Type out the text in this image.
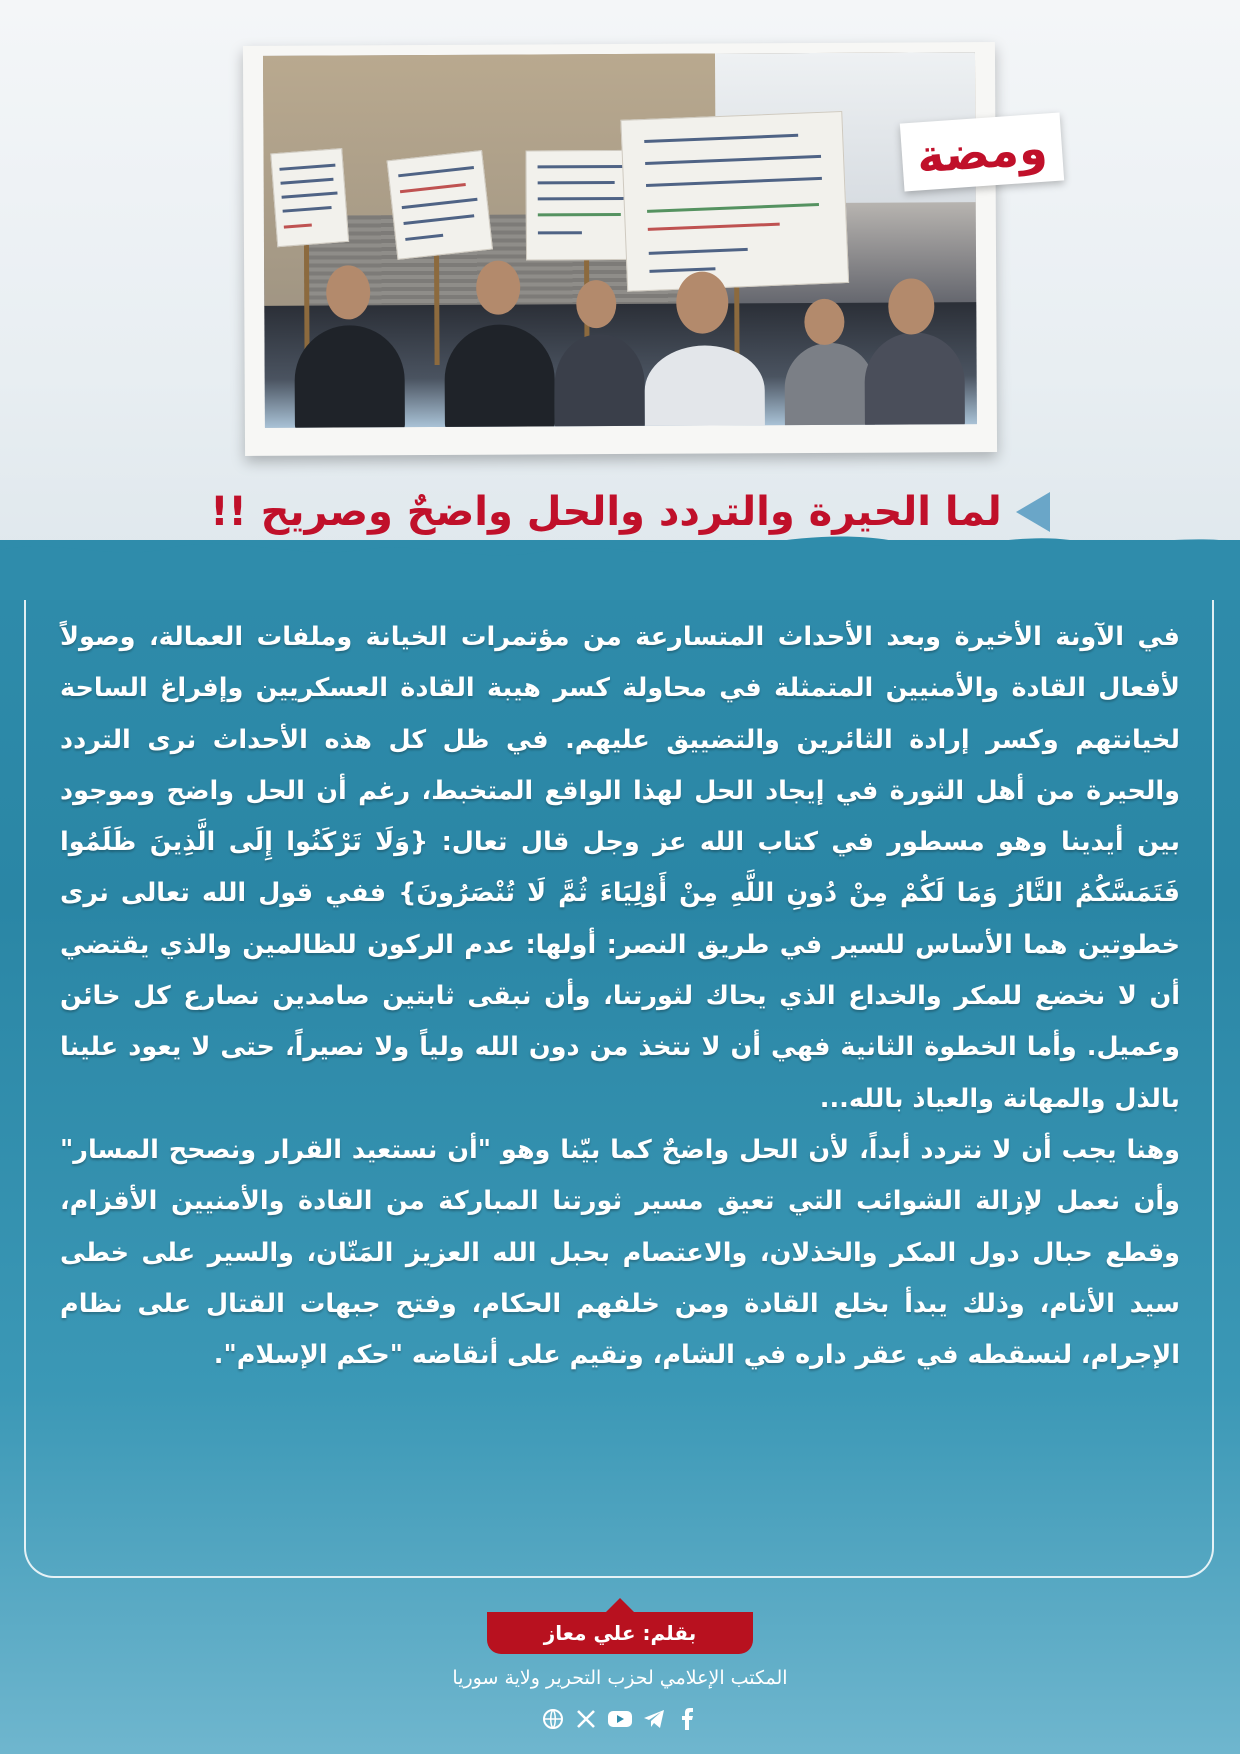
ومضة
لما الحيرة والتردد والحل واضحٌ وصريح !!

في الآونة الأخيرة وبعد الأحداث المتسارعة من مؤتمرات الخيانة وملفات العمالة، وصولاً لأفعال القادة والأمنيين المتمثلة في محاولة كسر هيبة القادة العسكريين وإفراغ الساحة لخيانتهم وكسر إرادة الثائرين والتضييق عليهم. في ظل كل هذه الأحداث نرى التردد والحيرة من أهل الثورة في إيجاد الحل لهذا الواقع المتخبط، رغم أن الحل واضح وموجود بين أيدينا وهو مسطور في كتاب الله عز وجل قال تعال: {وَلَا تَرْكَنُوا إِلَى الَّذِينَ ظَلَمُوا فَتَمَسَّكُمُ النَّارُ وَمَا لَكُمْ مِنْ دُونِ اللَّهِ مِنْ أَوْلِيَاءَ ثُمَّ لَا تُنْصَرُونَ} ففي قول الله تعالى نرى خطوتين هما الأساس للسير في طريق النصر: أولها: عدم الركون للظالمين والذي يقتضي أن لا نخضع للمكر والخداع الذي يحاك لثورتنا، وأن نبقى ثابتين صامدين نصارع كل خائن وعميل. وأما الخطوة الثانية فهي أن لا نتخذ من دون الله ولياً ولا نصيراً، حتى لا يعود علينا بالذل والمهانة والعياذ بالله...

وهنا يجب أن لا نتردد أبداً، لأن الحل واضحٌ كما بيّنا وهو "أن نستعيد القرار ونصحح المسار" وأن نعمل لإزالة الشوائب التي تعيق مسير ثورتنا المباركة من القادة والأمنيين الأقزام، وقطع حبال دول المكر والخذلان، والاعتصام بحبل الله العزيز المَنّان، والسير على خطى سيد الأنام، وذلك يبدأ بخلع القادة ومن خلفهم الحكام، وفتح جبهات القتال على نظام الإجرام، لنسقطه في عقر داره في الشام، ونقيم على أنقاضه "حكم الإسلام".

بقلم: علي معاز
المكتب الإعلامي لحزب التحرير ولاية سوريا
